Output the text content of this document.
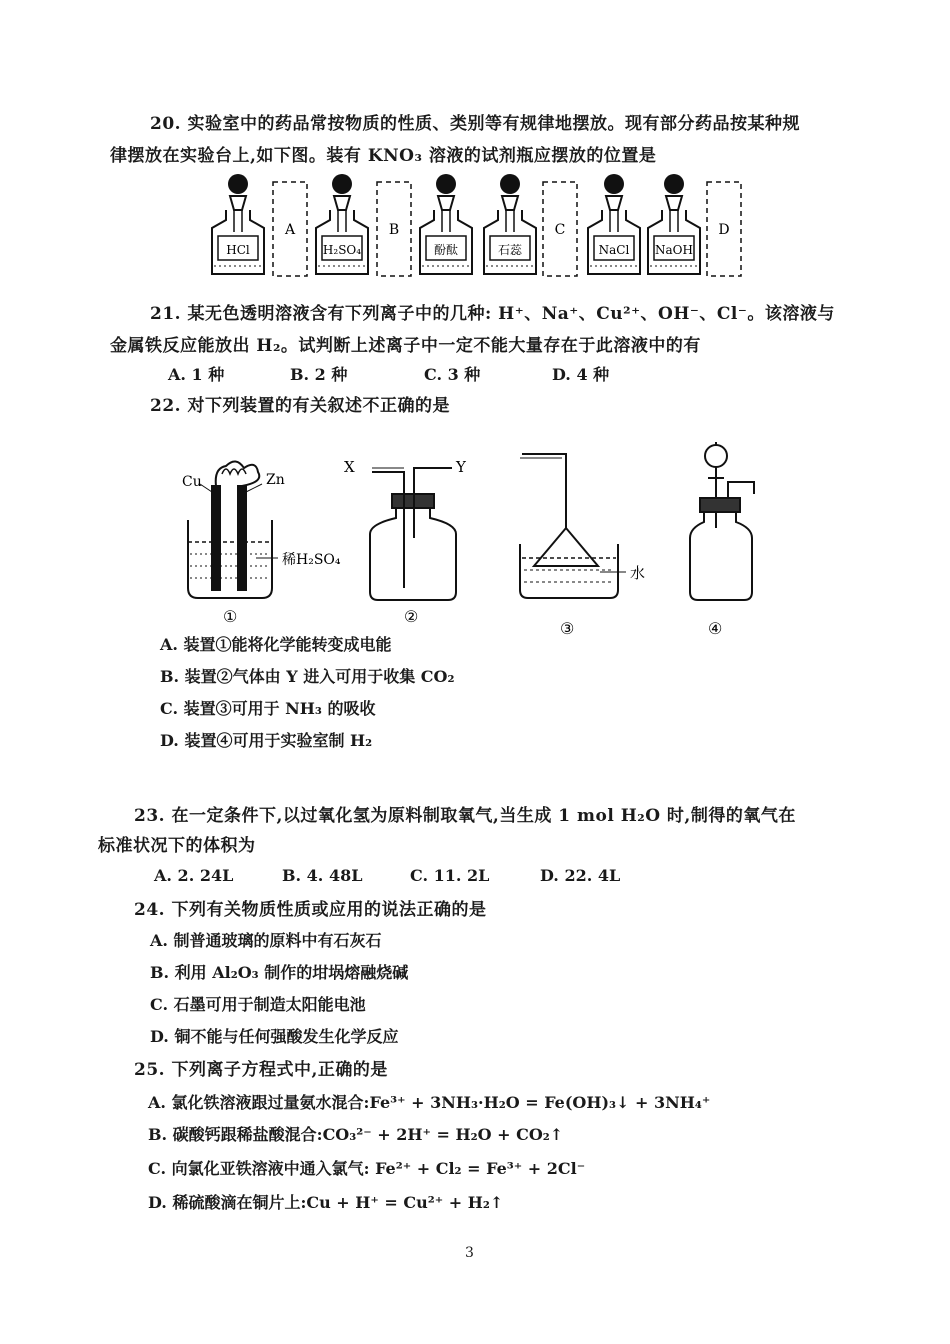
20. 实验室中的药品常按物质的性质、类别等有规律地摆放。现有部分药品按某种规
律摆放在实验台上,如下图。装有 KNO₃ 溶液的试剂瓶应摆放的位置是
HCl	H₂SO₄	酚酞	石蕊	NaCl NaOH
A	B	C	D
21. 某无色透明溶液含有下列离子中的几种: H⁺、Na⁺、Cu²⁺、OH⁻、Cl⁻。该溶液与
金属铁反应能放出 H₂。试判断上述离子中一定不能大量存在于此溶液中的有
A. 1 种	B. 2 种	C. 3 种	D. 4 种
22. 对下列装置的有关叙述不正确的是
Cu	Zn
稀H₂SO₄
①
X	Y
②
水
③	④
A. 装置①能将化学能转变成电能
B. 装置②气体由 Y 进入可用于收集 CO₂
C. 装置③可用于 NH₃ 的吸收
D. 装置④可用于实验室制 H₂
23. 在一定条件下,以过氧化氢为原料制取氧气,当生成 1 mol H₂O 时,制得的氧气在
标准状况下的体积为
A. 2. 24L	B. 4. 48L	C. 11. 2L	D. 22. 4L
24. 下列有关物质性质或应用的说法正确的是
A. 制普通玻璃的原料中有石灰石
B. 利用 Al₂O₃ 制作的坩埚熔融烧碱
C. 石墨可用于制造太阳能电池
D. 铜不能与任何强酸发生化学反应
25. 下列离子方程式中,正确的是
A. 氯化铁溶液跟过量氨水混合:Fe³⁺ + 3NH₃·H₂O = Fe(OH)₃↓ + 3NH₄⁺
B. 碳酸钙跟稀盐酸混合:CO₃²⁻ + 2H⁺ = H₂O + CO₂↑
C. 向氯化亚铁溶液中通入氯气: Fe²⁺ + Cl₂ = Fe³⁺ + 2Cl⁻
D. 稀硫酸滴在铜片上:Cu + H⁺ = Cu²⁺ + H₂↑
3
